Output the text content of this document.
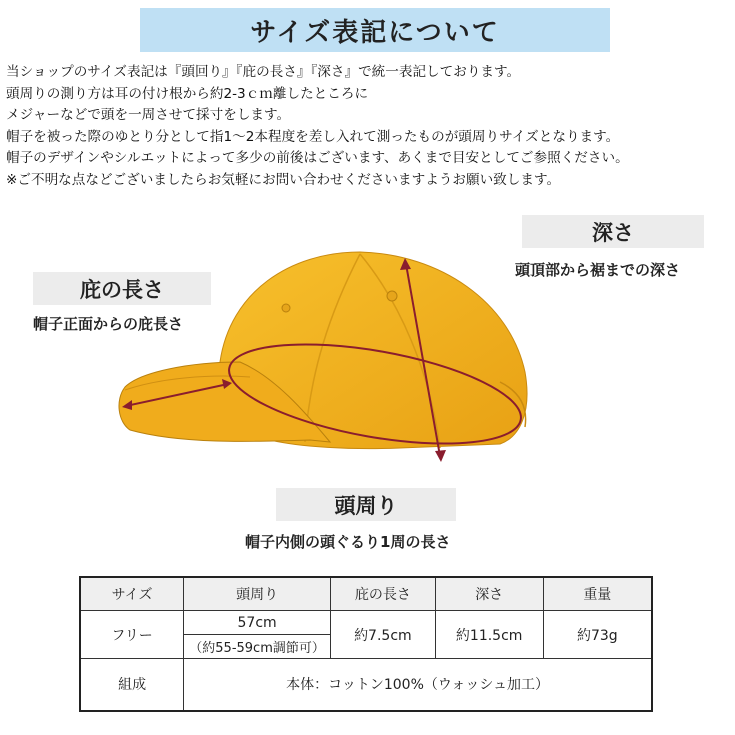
サイズ表記について
当ショップのサイズ表記は『頭回り』『庇の長さ』『深さ』で統一表記しております。
頭周りの測り方は耳の付け根から約2-3ｃｍ離したところに
メジャーなどで頭を一周させて採寸をします。
帽子を被った際のゆとり分として指1～2本程度を差し入れて測ったものが頭周りサイズとなります。
帽子のデザインやシルエットによって多少の前後はございます、あくまで目安としてご参照ください。
※ご不明な点などございましたらお気軽にお問い合わせくださいますようお願い致します。
深さ
頭頂部から裾までの深さ
庇の長さ
帽子正面からの庇長さ
頭周り
帽子内側の頭ぐるり1周の長さ
サイズ	頭周り	庇の長さ	深さ	重量
フリー	57cm	約7.5cm	約11.5cm	約73g
	（約55-59cm調節可）			
組成	本体：コットン100%（ウォッシュ加工）			
